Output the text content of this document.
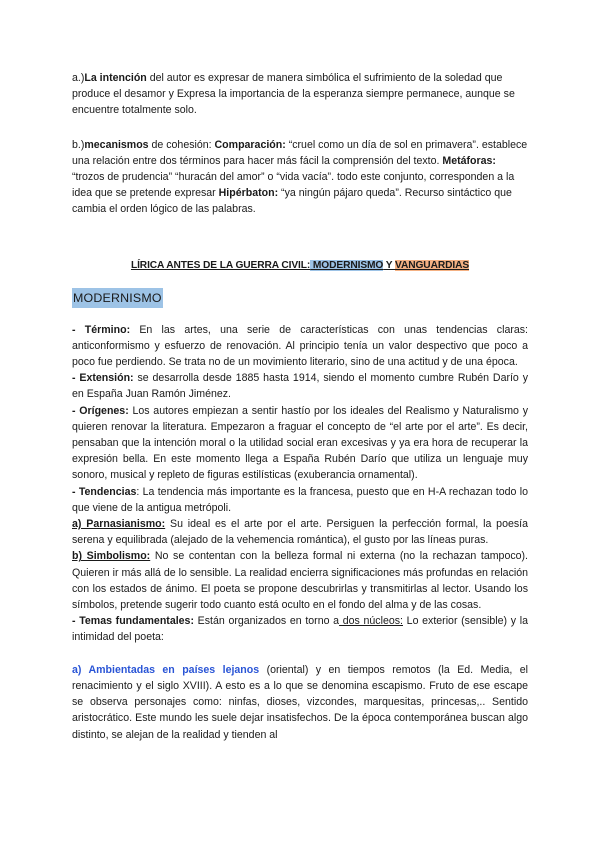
a.)La intención del autor es expresar de manera simbólica el sufrimiento de la soledad que produce el desamor y Expresa la importancia de la esperanza siempre permanece, aunque se encuentre totalmente solo.

b.)mecanismos de cohesión: Comparación: “cruel como un día de sol en primavera”. establece una relación entre dos términos para hacer más fácil la comprensión del texto. Metáforas: “trozos de prudencia” “huracán del amor” o “vida vacía”. todo este conjunto, corresponden a la idea que se pretende expresar Hipérbaton: “ya ningún pájaro queda”. Recurso sintáctico que cambia el orden lógico de las palabras.

LÍRICA ANTES DE LA GUERRA CIVIL: MODERNISMO Y VANGUARDIAS
MODERNISMO

- Término: En las artes, una serie de características con unas tendencias claras: anticonformismo y esfuerzo de renovación. Al principio tenía un valor despectivo que poco a poco fue perdiendo. Se trata no de un movimiento literario, sino de una actitud y de una época.

- Extensión: se desarrolla desde 1885 hasta 1914, siendo el momento cumbre Rubén Darío y en España Juan Ramón Jiménez.

- Orígenes: Los autores empiezan a sentir hastío por los ideales del Realismo y Naturalismo y quieren renovar la literatura. Empezaron a fraguar el concepto de “el arte por el arte”. Es decir, pensaban que la intención moral o la utilidad social eran excesivas y ya era hora de recuperar la expresión bella. En este momento llega a España Rubén Darío que utiliza un lenguaje muy sonoro, musical y repleto de figuras estilísticas (exuberancia ornamental).

- Tendencias: La tendencia más importante es la francesa, puesto que en H-A rechazan todo lo que viene de la antigua metrópoli.

a) Parnasianismo: Su ideal es el arte por el arte. Persiguen la perfección formal, la poesía serena y equilibrada (alejado de la vehemencia romántica), el gusto por las líneas puras.

b) Simbolismo: No se contentan con la belleza formal ni externa (no la rechazan tampoco). Quieren ir más allá de lo sensible. La realidad encierra significaciones más profundas en relación con los estados de ánimo. El poeta se propone descubrirlas y transmitirlas al lector. Usando los símbolos, pretende sugerir todo cuanto está oculto en el fondo del alma y de las cosas.

- Temas fundamentales: Están organizados en torno a dos núcleos: Lo exterior (sensible) y la intimidad del poeta:

a) Ambientadas en países lejanos (oriental) y en tiempos remotos (la Ed. Media, el renacimiento y el siglo XVIII). A esto es a lo que se denomina escapismo. Fruto de ese escape se observa personajes como: ninfas, dioses, vizcondes, marquesitas, princesas,.. Sentido aristocrático. Este mundo les suele dejar insatisfechos. De la época contemporánea buscan algo distinto, se alejan de la realidad y tienden al
